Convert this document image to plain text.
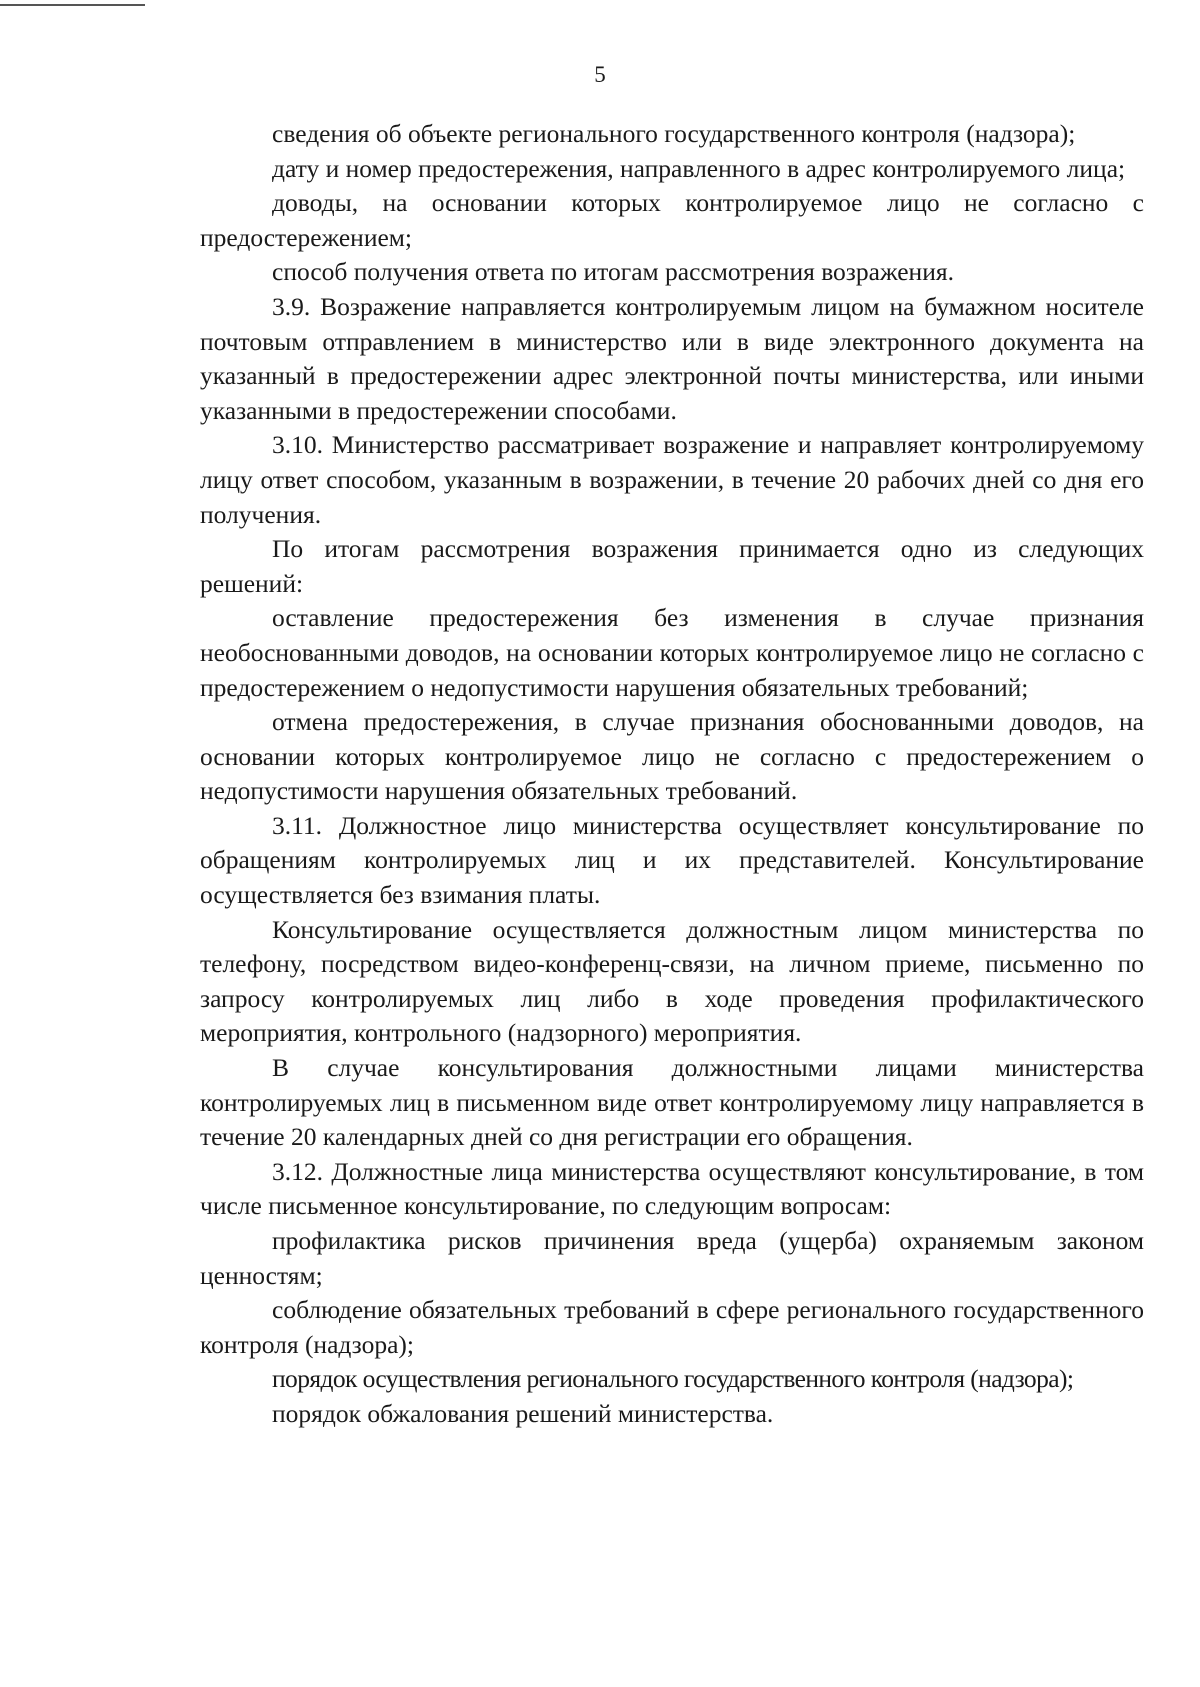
5

сведения об объекте регионального государственного контроля (надзора);

дату и номер предостережения, направленного в адрес контролируемого лица;

доводы, на основании которых контролируемое лицо не согласно с предостережением;

способ получения ответа по итогам рассмотрения возражения.

3.9. Возражение направляется контролируемым лицом на бумажном носителе почтовым отправлением в министерство или в виде электронного документа на указанный в предостережении адрес электронной почты министерства, или иными указанными в предостережении способами.

3.10. Министерство рассматривает возражение и направляет контролируемому лицу ответ способом, указанным в возражении, в течение 20 рабочих дней со дня его получения.

По итогам рассмотрения возражения принимается одно из следующих решений:

оставление предостережения без изменения в случае признания необоснованными доводов, на основании которых контролируемое лицо не согласно с предостережением о недопустимости нарушения обязательных требований;

отмена предостережения, в случае признания обоснованными доводов, на основании которых контролируемое лицо не согласно с предостережением о недопустимости нарушения обязательных требований.

3.11. Должностное лицо министерства осуществляет консультирование по обращениям контролируемых лиц и их представителей. Консультирование осуществляется без взимания платы.

Консультирование осуществляется должностным лицом министерства по телефону, посредством видео-конференц-связи, на личном приеме, письменно по запросу контролируемых лиц либо в ходе проведения профилактического мероприятия, контрольного (надзорного) мероприятия.

В случае консультирования должностными лицами министерства контролируемых лиц в письменном виде ответ контролируемому лицу направляется в течение 20 календарных дней со дня регистрации его обращения.

3.12. Должностные лица министерства осуществляют консультирование, в том числе письменное консультирование, по следующим вопросам:

профилактика рисков причинения вреда (ущерба) охраняемым законом ценностям;

соблюдение обязательных требований в сфере регионального государственного контроля (надзора);

порядок осуществления регионального государственного контроля (надзора);

порядок обжалования решений министерства.
